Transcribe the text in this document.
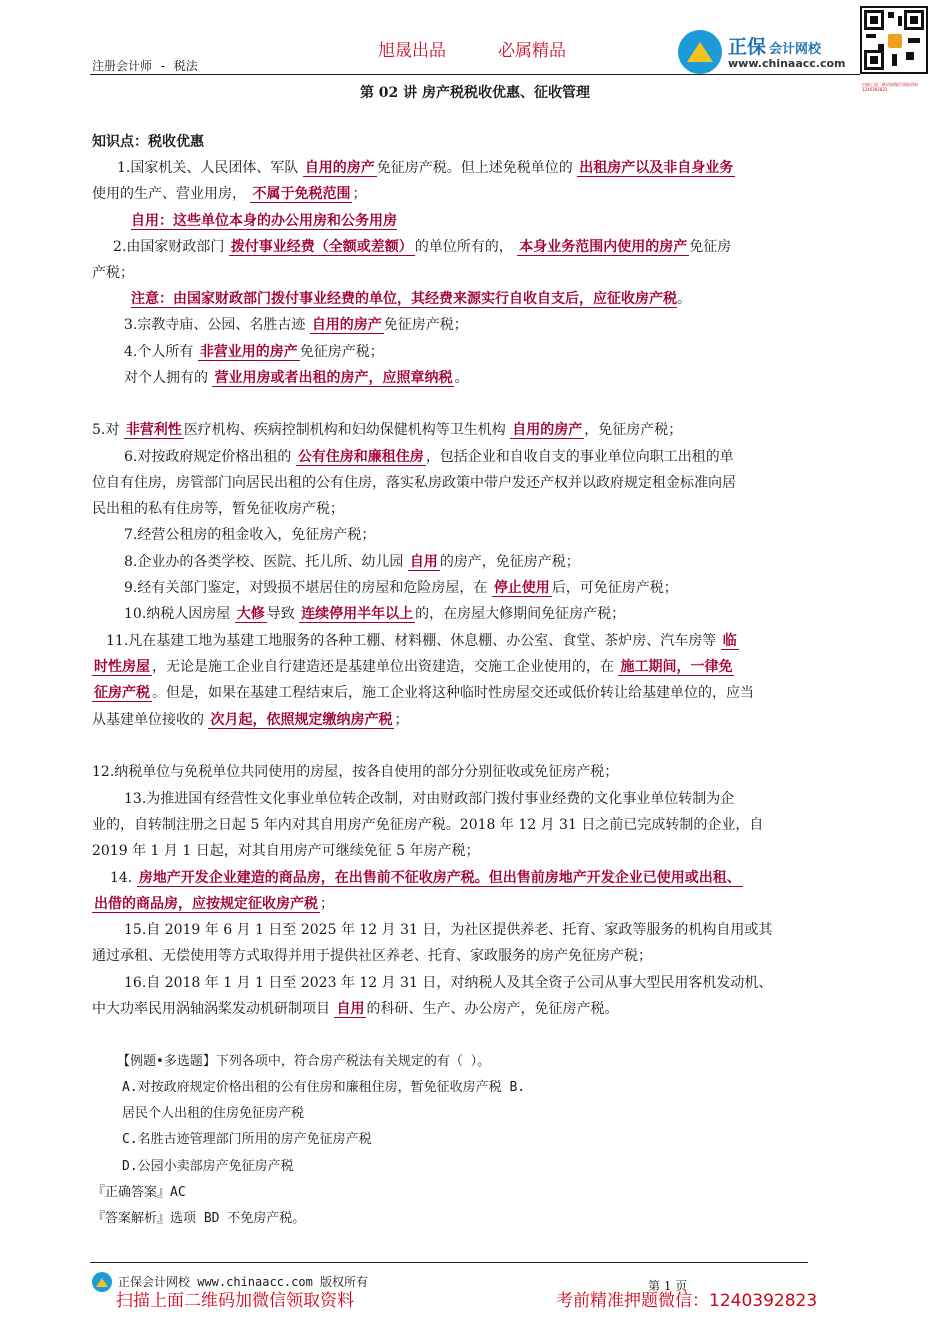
旭晟出品	必属精品
注册会计师 - 税法
正保 会计网校
www.chinaacc.com
扫描上面二维码加微信领取资料 1240392823
第 02 讲 房产税税收优惠、征收管理
知识点：税收优惠
1.国家机关、人民团体、军队 自用的房产 免征房产税。但上述免税单位的 出租房产以及非自身业务
使用的生产、营业用房， 不属于免税范围 ；
自用：这些单位本身的办公用房和公务用房
2.由国家财政部门 拨付事业经费（全额或差额） 的单位所有的， 本身业务范围内使用的房产 免征房
产税；
注意：由国家财政部门拨付事业经费的单位，其经费来源实行自收自支后，应征收房产税。
3.宗教寺庙、公园、名胜古迹 自用的房产 免征房产税；
4.个人所有 非营业用的房产 免征房产税；
对个人拥有的 营业用房或者出租的房产，应照章纳税 。
5.对 非营利性 医疗机构、疾病控制机构和妇幼保健机构等卫生机构 自用的房产 ，免征房产税；
6.对按政府规定价格出租的 公有住房和廉租住房 ，包括企业和自收自支的事业单位向职工出租的单
位自有住房，房管部门向居民出租的公有住房，落实私房政策中带户发还产权并以政府规定租金标准向居
民出租的私有住房等，暂免征收房产税；
7.经营公租房的租金收入，免征房产税；
8.企业办的各类学校、医院、托儿所、幼儿园 自用 的房产，免征房产税；
9.经有关部门鉴定，对毁损不堪居住的房屋和危险房屋，在 停止使用 后，可免征房产税；
10.纳税人因房屋 大修 导致 连续停用半年以上 的，在房屋大修期间免征房产税；
11.凡在基建工地为基建工地服务的各种工棚、材料棚、休息棚、办公室、食堂、茶炉房、汽车房等 临
时性房屋 ，无论是施工企业自行建造还是基建单位出资建造，交施工企业使用的，在 施工期间，一律免
征房产税 。但是，如果在基建工程结束后，施工企业将这种临时性房屋交还或低价转让给基建单位的，应当
从基建单位接收的 次月起，依照规定缴纳房产税 ；
12.纳税单位与免税单位共同使用的房屋，按各自使用的部分分别征收或免征房产税；
13.为推进国有经营性文化事业单位转企改制，对由财政部门拨付事业经费的文化事业单位转制为企
业的，自转制注册之日起 5 年内对其自用房产免征房产税。2018 年 12 月 31 日之前已完成转制的企业，自
2019 年 1 月 1 日起，对其自用房产可继续免征 5 年房产税；
14. 房地产开发企业建造的商品房，在出售前不征收房产税。但出售前房地产开发企业已使用或出租、
出借的商品房，应按规定征收房产税 ；
15.自 2019 年 6 月 1 日至 2025 年 12 月 31 日，为社区提供养老、托育、家政等服务的机构自用或其
通过承租、无偿使用等方式取得并用于提供社区养老、托育、家政服务的房产免征房产税；
16.自 2018 年 1 月 1 日至 2023 年 12 月 31 日，对纳税人及其全资子公司从事大型民用客机发动机、
中大功率民用涡轴涡桨发动机研制项目 自用 的科研、生产、办公房产，免征房产税。
【例题•多选题】下列各项中，符合房产税法有关规定的有（ ）。
A.对按政府规定价格出租的公有住房和廉租住房，暂免征收房产税 B.
居民个人出租的住房免征房产税
C.名胜古迹管理部门所用的房产免征房产税
D.公园小卖部房产免征房产税
『正确答案』AC
『答案解析』选项 BD 不免房产税。
正保会计网校 www.chinaacc.com 版权所有	第 1 页
扫描上面二维码加微信领取资料	考前精准押题微信：1240392823
